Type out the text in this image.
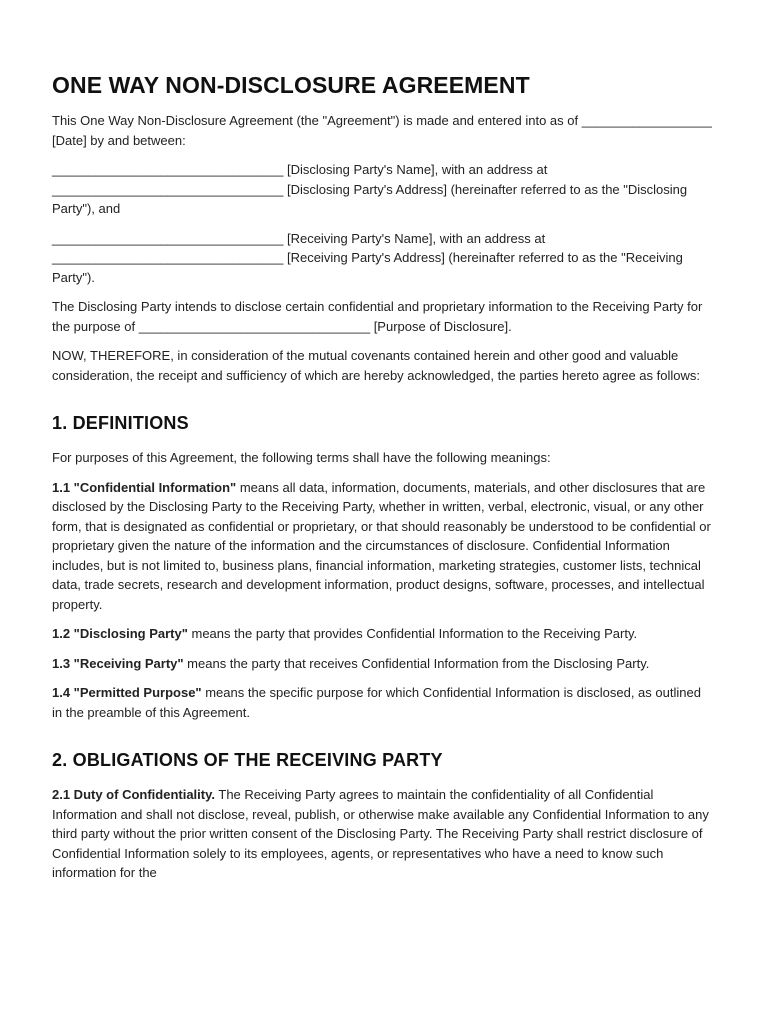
ONE WAY NON-DISCLOSURE AGREEMENT

This One Way Non-Disclosure Agreement (the "Agreement") is made and entered into as of __________________ [Date] by and between:

________________________________ [Disclosing Party's Name], with an address at
________________________________ [Disclosing Party's Address] (hereinafter referred to as the "Disclosing Party"), and

________________________________ [Receiving Party's Name], with an address at
________________________________ [Receiving Party's Address] (hereinafter referred to as the "Receiving Party").

The Disclosing Party intends to disclose certain confidential and proprietary information to the Receiving Party for the purpose of ________________________________ [Purpose of Disclosure].

NOW, THEREFORE, in consideration of the mutual covenants contained herein and other good and valuable consideration, the receipt and sufficiency of which are hereby acknowledged, the parties hereto agree as follows:

1. DEFINITIONS

For purposes of this Agreement, the following terms shall have the following meanings:

1.1 "Confidential Information" means all data, information, documents, materials, and other disclosures that are disclosed by the Disclosing Party to the Receiving Party, whether in written, verbal, electronic, visual, or any other form, that is designated as confidential or proprietary, or that should reasonably be understood to be confidential or proprietary given the nature of the information and the circumstances of disclosure. Confidential Information includes, but is not limited to, business plans, financial information, marketing strategies, customer lists, technical data, trade secrets, research and development information, product designs, software, processes, and intellectual property.

1.2 "Disclosing Party" means the party that provides Confidential Information to the Receiving Party.

1.3 "Receiving Party" means the party that receives Confidential Information from the Disclosing Party.

1.4 "Permitted Purpose" means the specific purpose for which Confidential Information is disclosed, as outlined in the preamble of this Agreement.

2. OBLIGATIONS OF THE RECEIVING PARTY

2.1 Duty of Confidentiality. The Receiving Party agrees to maintain the confidentiality of all Confidential Information and shall not disclose, reveal, publish, or otherwise make available any Confidential Information to any third party without the prior written consent of the Disclosing Party. The Receiving Party shall restrict disclosure of Confidential Information solely to its employees, agents, or representatives who have a need to know such information for the
